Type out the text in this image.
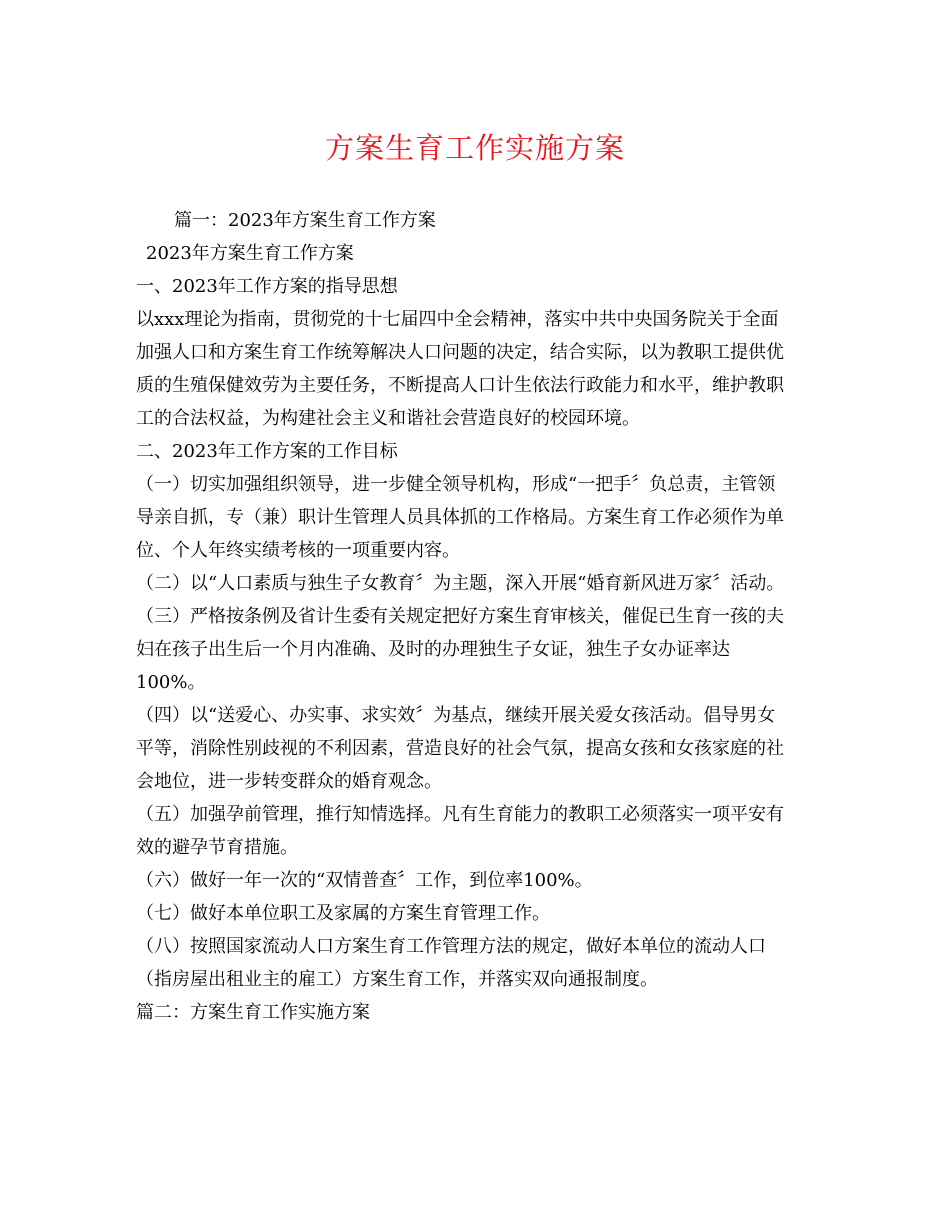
方案生育工作实施方案

篇一：2023年方案生育工作方案

2023年方案生育工作方案

一、2023年工作方案的指导思想

以xxx理论为指南，贯彻党的十七届四中全会精神，落实中共中央国务院关于全面

加强人口和方案生育工作统筹解决人口问题的决定，结合实际，以为教职工提供优

质的生殖保健效劳为主要任务，不断提高人口计生依法行政能力和水平，维护教职

工的合法权益，为构建社会主义和谐社会营造良好的校园环境。

二、2023年工作方案的工作目标

（一）切实加强组织领导，进一步健全领导机构，形成“一把手〞负总责，主管领

导亲自抓，专（兼）职计生管理人员具体抓的工作格局。方案生育工作必须作为单

位、个人年终实绩考核的一项重要内容。

（二）以“人口素质与独生子女教育〞为主题，深入开展“婚育新风进万家〞活动。

（三）严格按条例及省计生委有关规定把好方案生育审核关，催促已生育一孩的夫

妇在孩子出生后一个月内准确、及时的办理独生子女证，独生子女办证率达

100%。

（四）以“送爱心、办实事、求实效〞为基点，继续开展关爱女孩活动。倡导男女

平等，消除性别歧视的不利因素，营造良好的社会气氛，提高女孩和女孩家庭的社

会地位，进一步转变群众的婚育观念。

（五）加强孕前管理，推行知情选择。凡有生育能力的教职工必须落实一项平安有

效的避孕节育措施。

（六）做好一年一次的“双情普查〞工作，到位率100%。

（七）做好本单位职工及家属的方案生育管理工作。

（八）按照国家流动人口方案生育工作管理方法的规定，做好本单位的流动人口

（指房屋出租业主的雇工）方案生育工作，并落实双向通报制度。

篇二：方案生育工作实施方案
